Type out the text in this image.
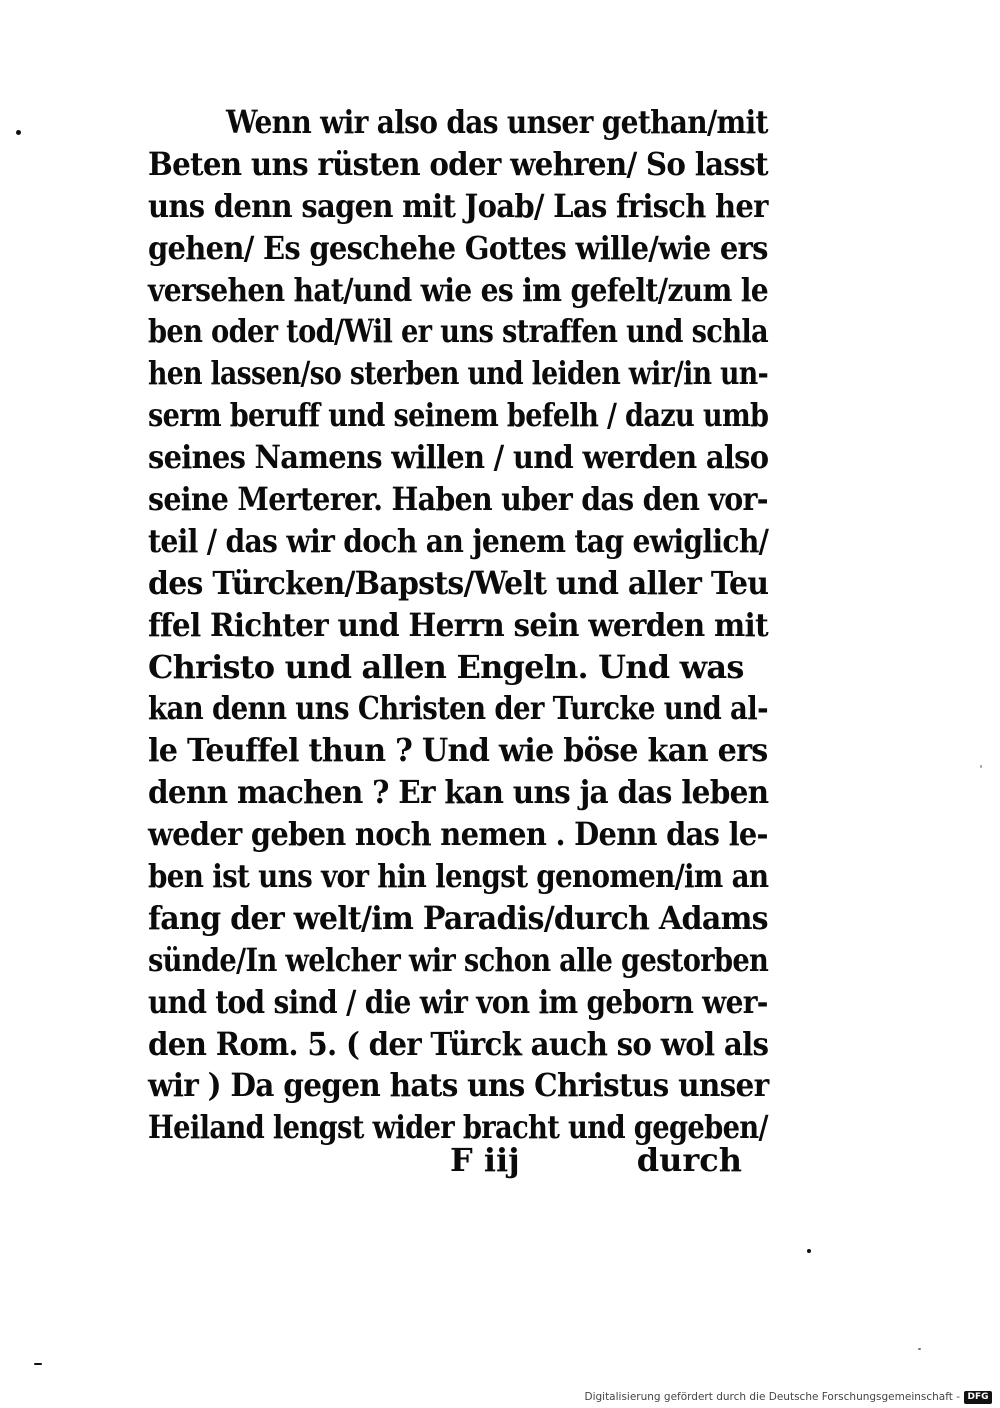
Wenn wir also das unser gethan/mit
Beten uns rüsten oder wehren/ So lasst
uns denn sagen mit Joab/ Las frisch her
gehen/ Es geschehe Gottes wille/wie ers
versehen hat/und wie es im gefelt/zum le
ben oder tod/Wil er uns straffen und schla
hen lassen/so sterben und leiden wir/in un-
serm beruff und seinem befelh / dazu umb
seines Namens willen / und werden also
seine Merterer. Haben uber das den vor-
teil / das wir doch an jenem tag ewiglich/
des Türcken/Bapsts/Welt und aller Teu
ffel Richter und Herrn sein werden mit
Christo und allen Engeln. Und was
kan denn uns Christen der Turcke und al-
le Teuffel thun ? Und wie böse kan ers
denn machen ? Er kan uns ja das leben
weder geben noch nemen . Denn das le-
ben ist uns vor hin lengst genomen/im an
fang der welt/im Paradis/durch Adams
sünde/In welcher wir schon alle gestorben
und tod sind / die wir von im geborn wer-
den Rom. 5. ( der Türck auch so wol als
wir ) Da gegen hats uns Christus unser
Heiland lengst wider bracht und gegeben/
F iij	durch
Digitalisierung gefördert durch die Deutsche Forschungsgemeinschaft - DFG
